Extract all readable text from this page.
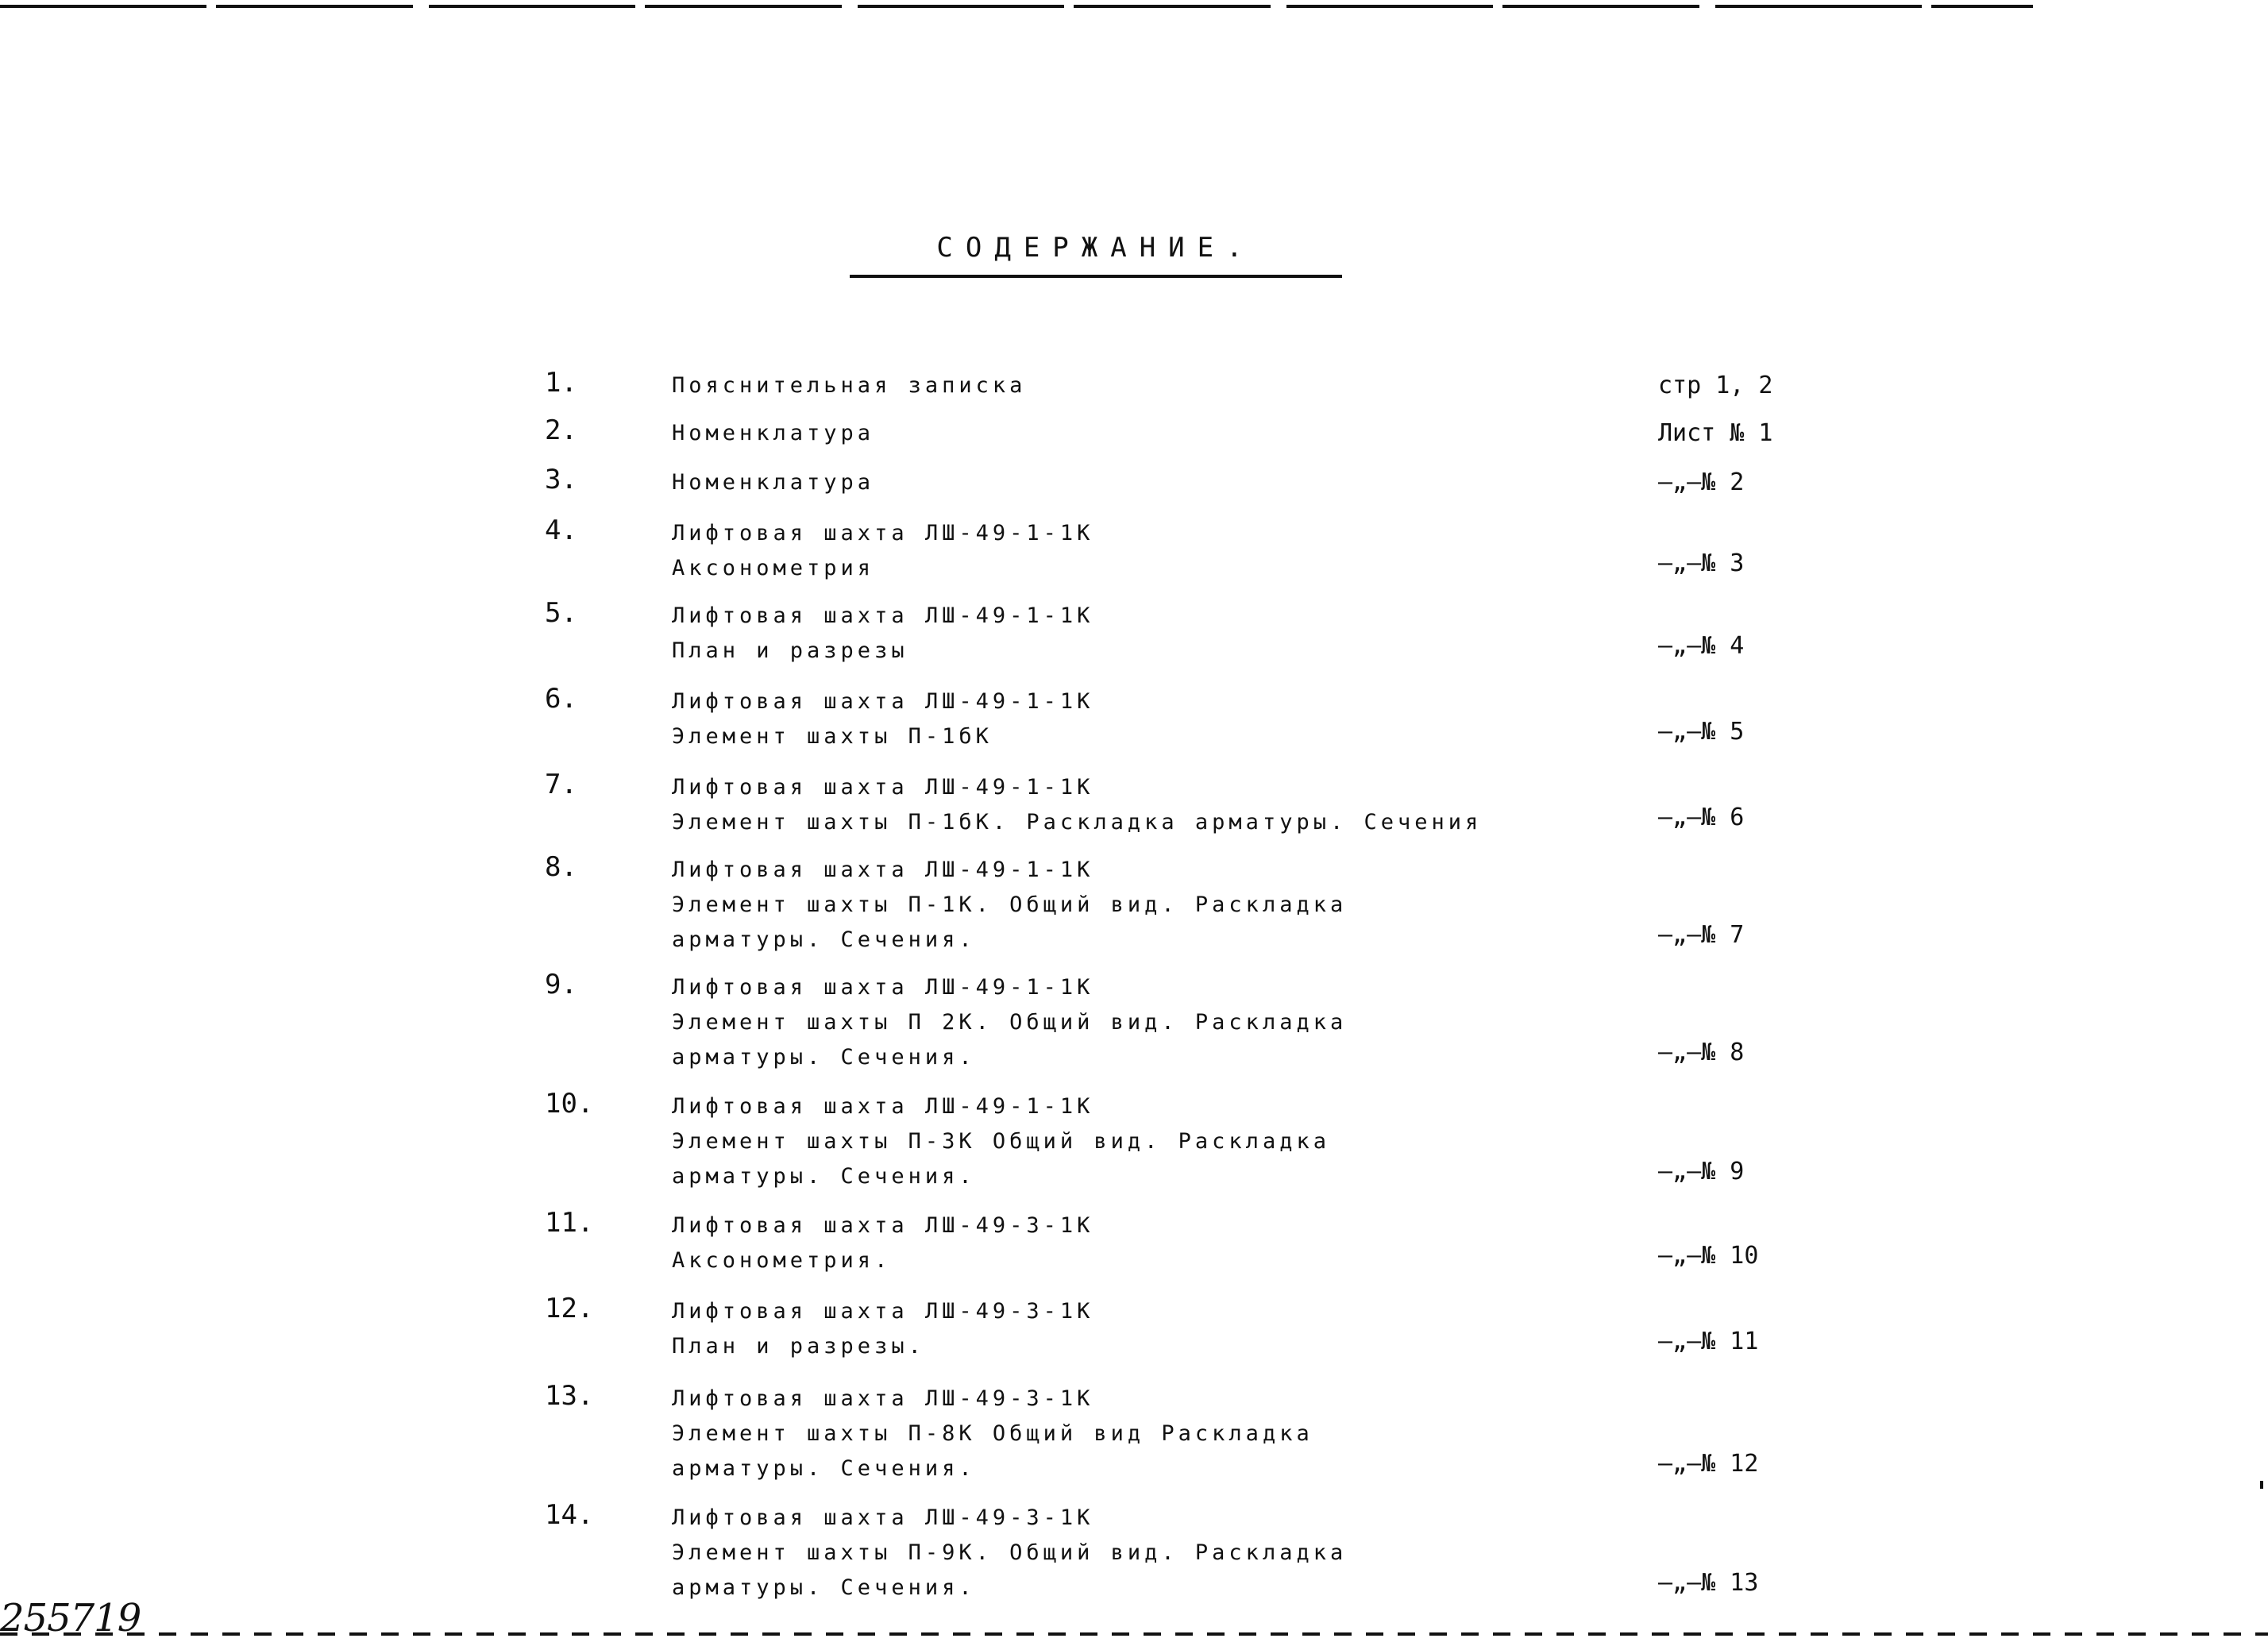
СОДЕРЖАНИЕ.
1.	Пояснительная записка	стр 1, 2
2.	Номенклатура	Лист № 1
3.	Номенклатура	—„—№ 2
4.	Лифтовая шахта ЛШ-49-1-1К
Аксонометрия	—„—№ 3
5.	Лифтовая шахта ЛШ-49-1-1К
План и разрезы	—„—№ 4
6.	Лифтовая шахта ЛШ-49-1-1К
Элемент шахты П-1бК	—„—№ 5
7.	Лифтовая шахта ЛШ-49-1-1К
Элемент шахты П-1бК. Раскладка арматуры. Сечения	—„—№ 6
8.	Лифтовая шахта ЛШ-49-1-1К
Элемент шахты П-1К. Общий вид. Раскладка
арматуры. Сечения.	—„—№ 7
9.	Лифтовая шахта ЛШ-49-1-1К
Элемент шахты П 2К. Общий вид. Раскладка
арматуры. Сечения.	—„—№ 8
10.	Лифтовая шахта ЛШ-49-1-1К
Элемент шахты П-3К Общий вид. Раскладка
арматуры. Сечения.	—„—№ 9
11.	Лифтовая шахта ЛШ-49-3-1К
Аксонометрия.	—„—№ 10
12.	Лифтовая шахта ЛШ-49-3-1К
План и разрезы.	—„—№ 11
13.	Лифтовая шахта ЛШ-49-3-1К
Элемент шахты П-8К Общий вид Раскладка
арматуры. Сечения.	—„—№ 12
14.	Лифтовая шахта ЛШ-49-3-1К
Элемент шахты П-9К. Общий вид. Раскладка
арматуры. Сечения.	—„—№ 13
255719
